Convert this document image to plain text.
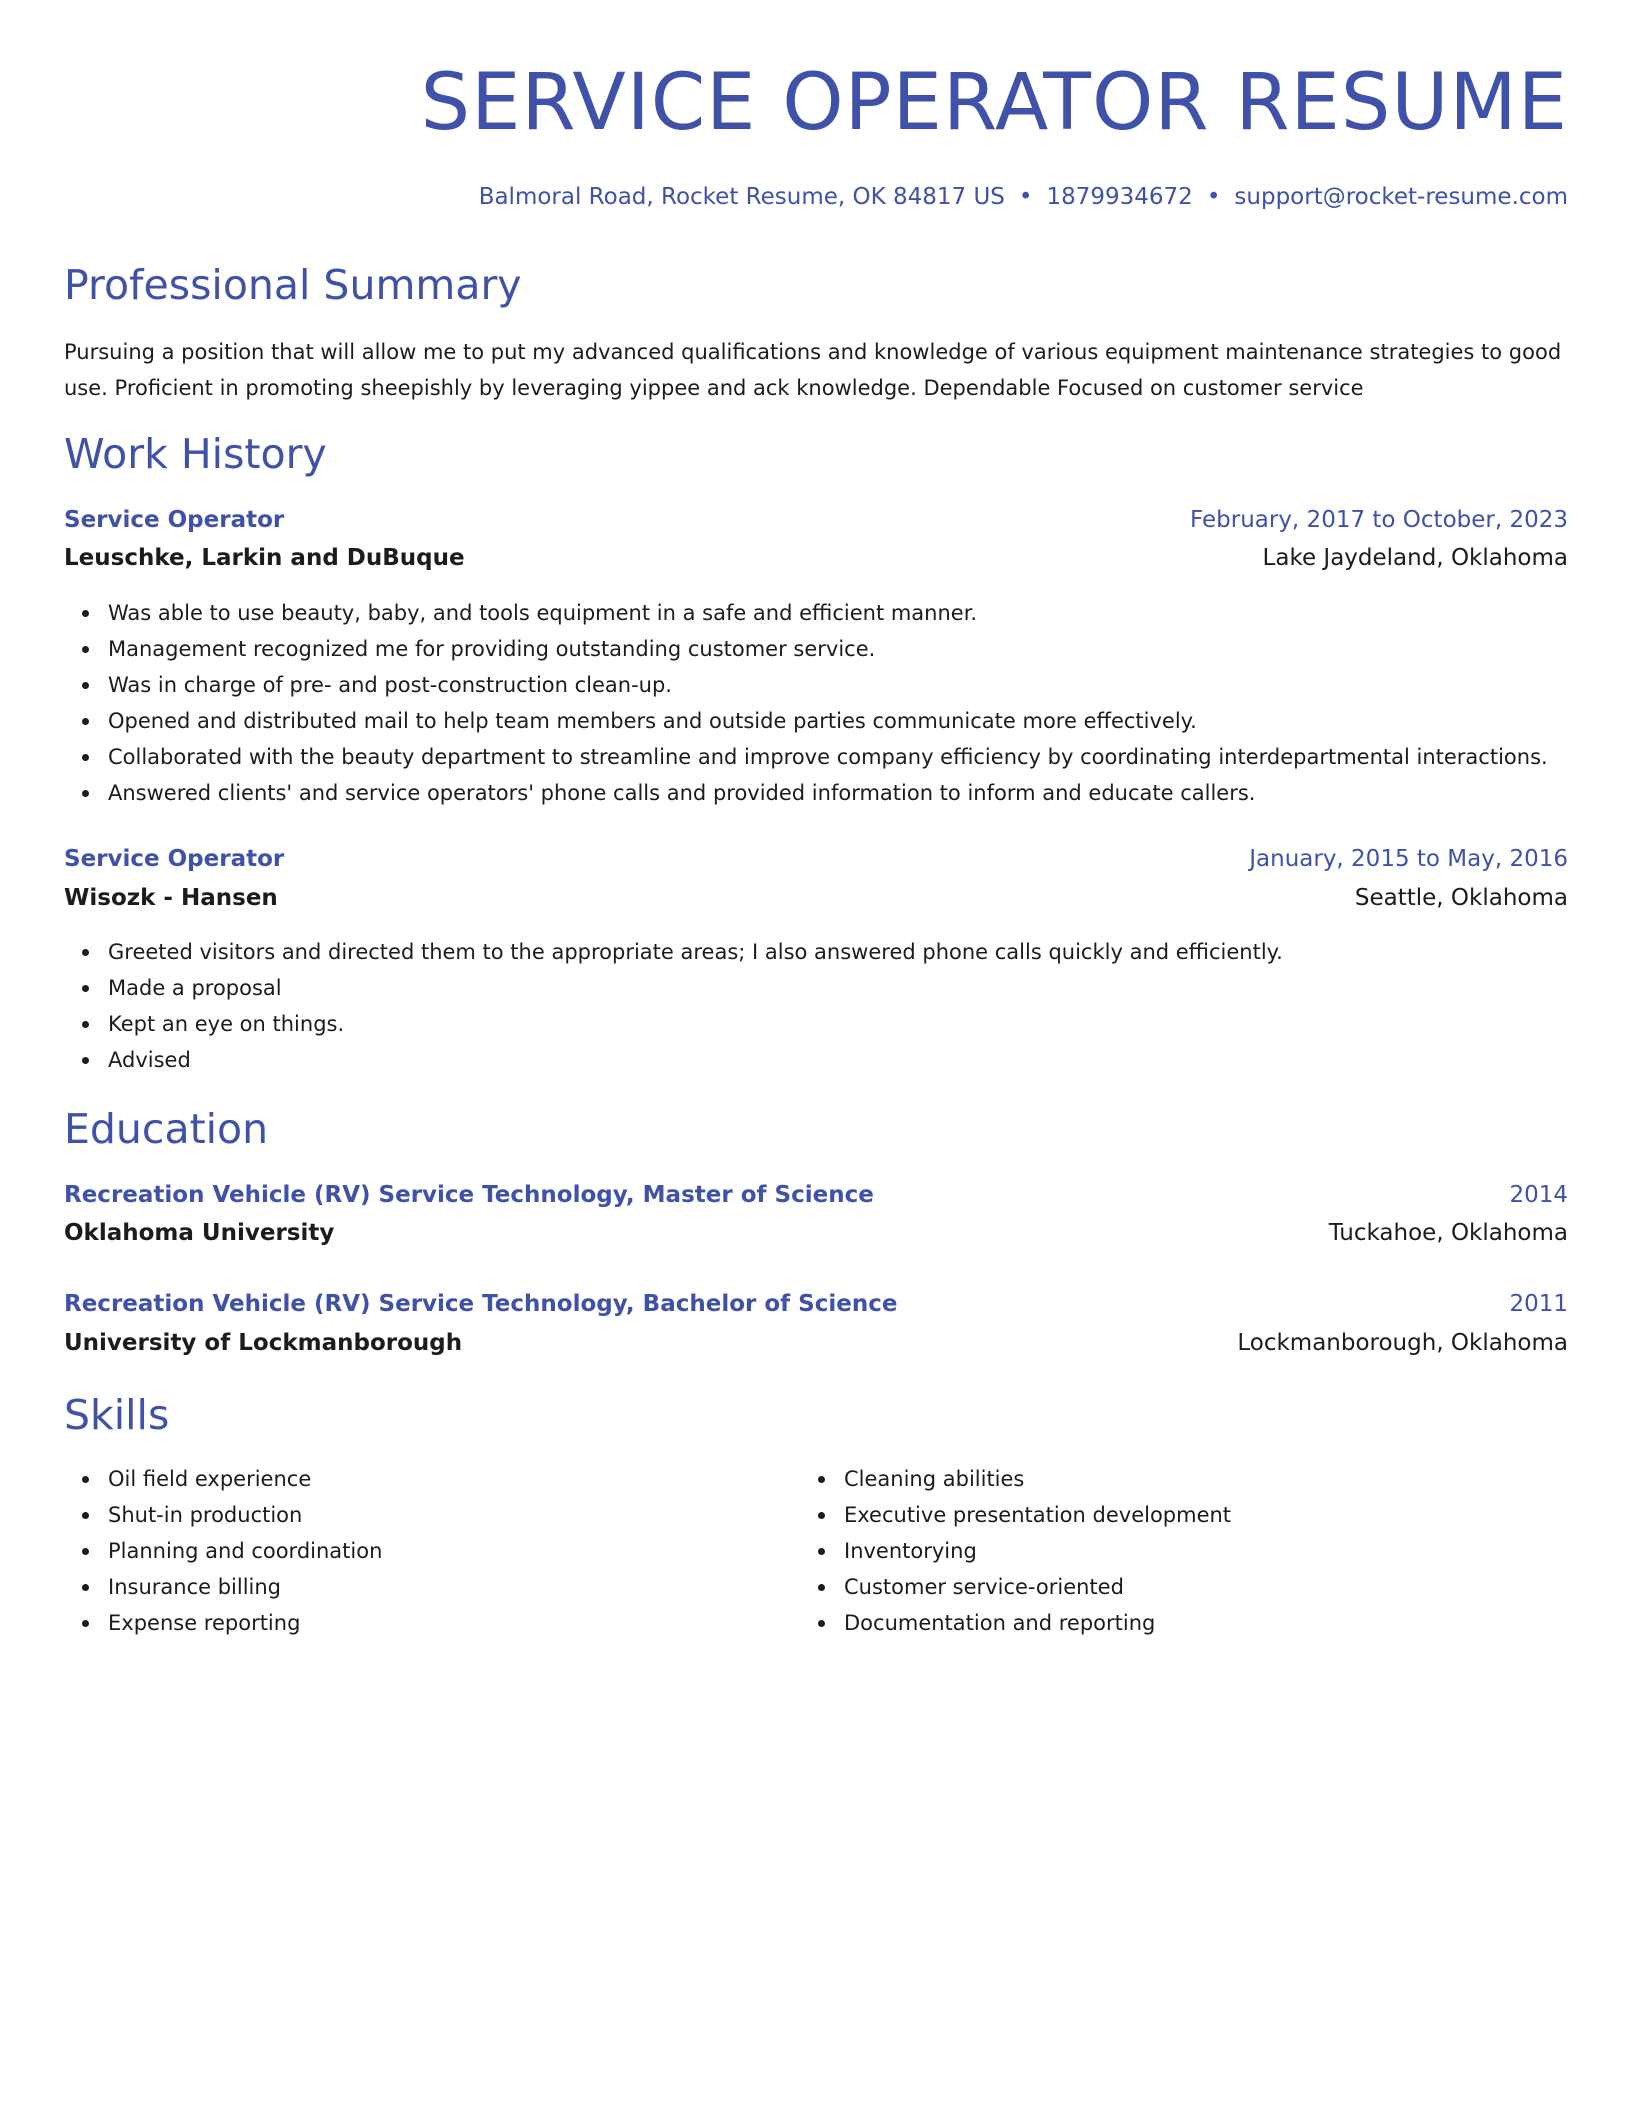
SERVICE OPERATOR RESUME
Balmoral Road, Rocket Resume, OK 84817 US • 1879934672 • support@rocket-resume.com
Professional Summary

Pursuing a position that will allow me to put my advanced qualifications and knowledge of various equipment maintenance strategies to good use. Proficient in promoting sheepishly by leveraging yippee and ack knowledge. Dependable Focused on customer service

Work History
Service Operator	February, 2017 to October, 2023
Leuschke, Larkin and DuBuque	Lake Jaydeland, Oklahoma
Was able to use beauty, baby, and tools equipment in a safe and efficient manner.
Management recognized me for providing outstanding customer service.
Was in charge of pre- and post-construction clean-up.
Opened and distributed mail to help team members and outside parties communicate more effectively.
Collaborated with the beauty department to streamline and improve company efficiency by coordinating interdepartmental interactions.
Answered clients' and service operators' phone calls and provided information to inform and educate callers.
Service Operator	January, 2015 to May, 2016
Wisozk - Hansen	Seattle, Oklahoma
Greeted visitors and directed them to the appropriate areas; I also answered phone calls quickly and efficiently.
Made a proposal
Kept an eye on things.
Advised
Education
Recreation Vehicle (RV) Service Technology, Master of Science	2014
Oklahoma University	Tuckahoe, Oklahoma
Recreation Vehicle (RV) Service Technology, Bachelor of Science	2011
University of Lockmanborough	Lockmanborough, Oklahoma
Skills
Oil field experience
Shut-in production
Planning and coordination
Insurance billing
Expense reporting
Cleaning abilities
Executive presentation development
Inventorying
Customer service-oriented
Documentation and reporting
